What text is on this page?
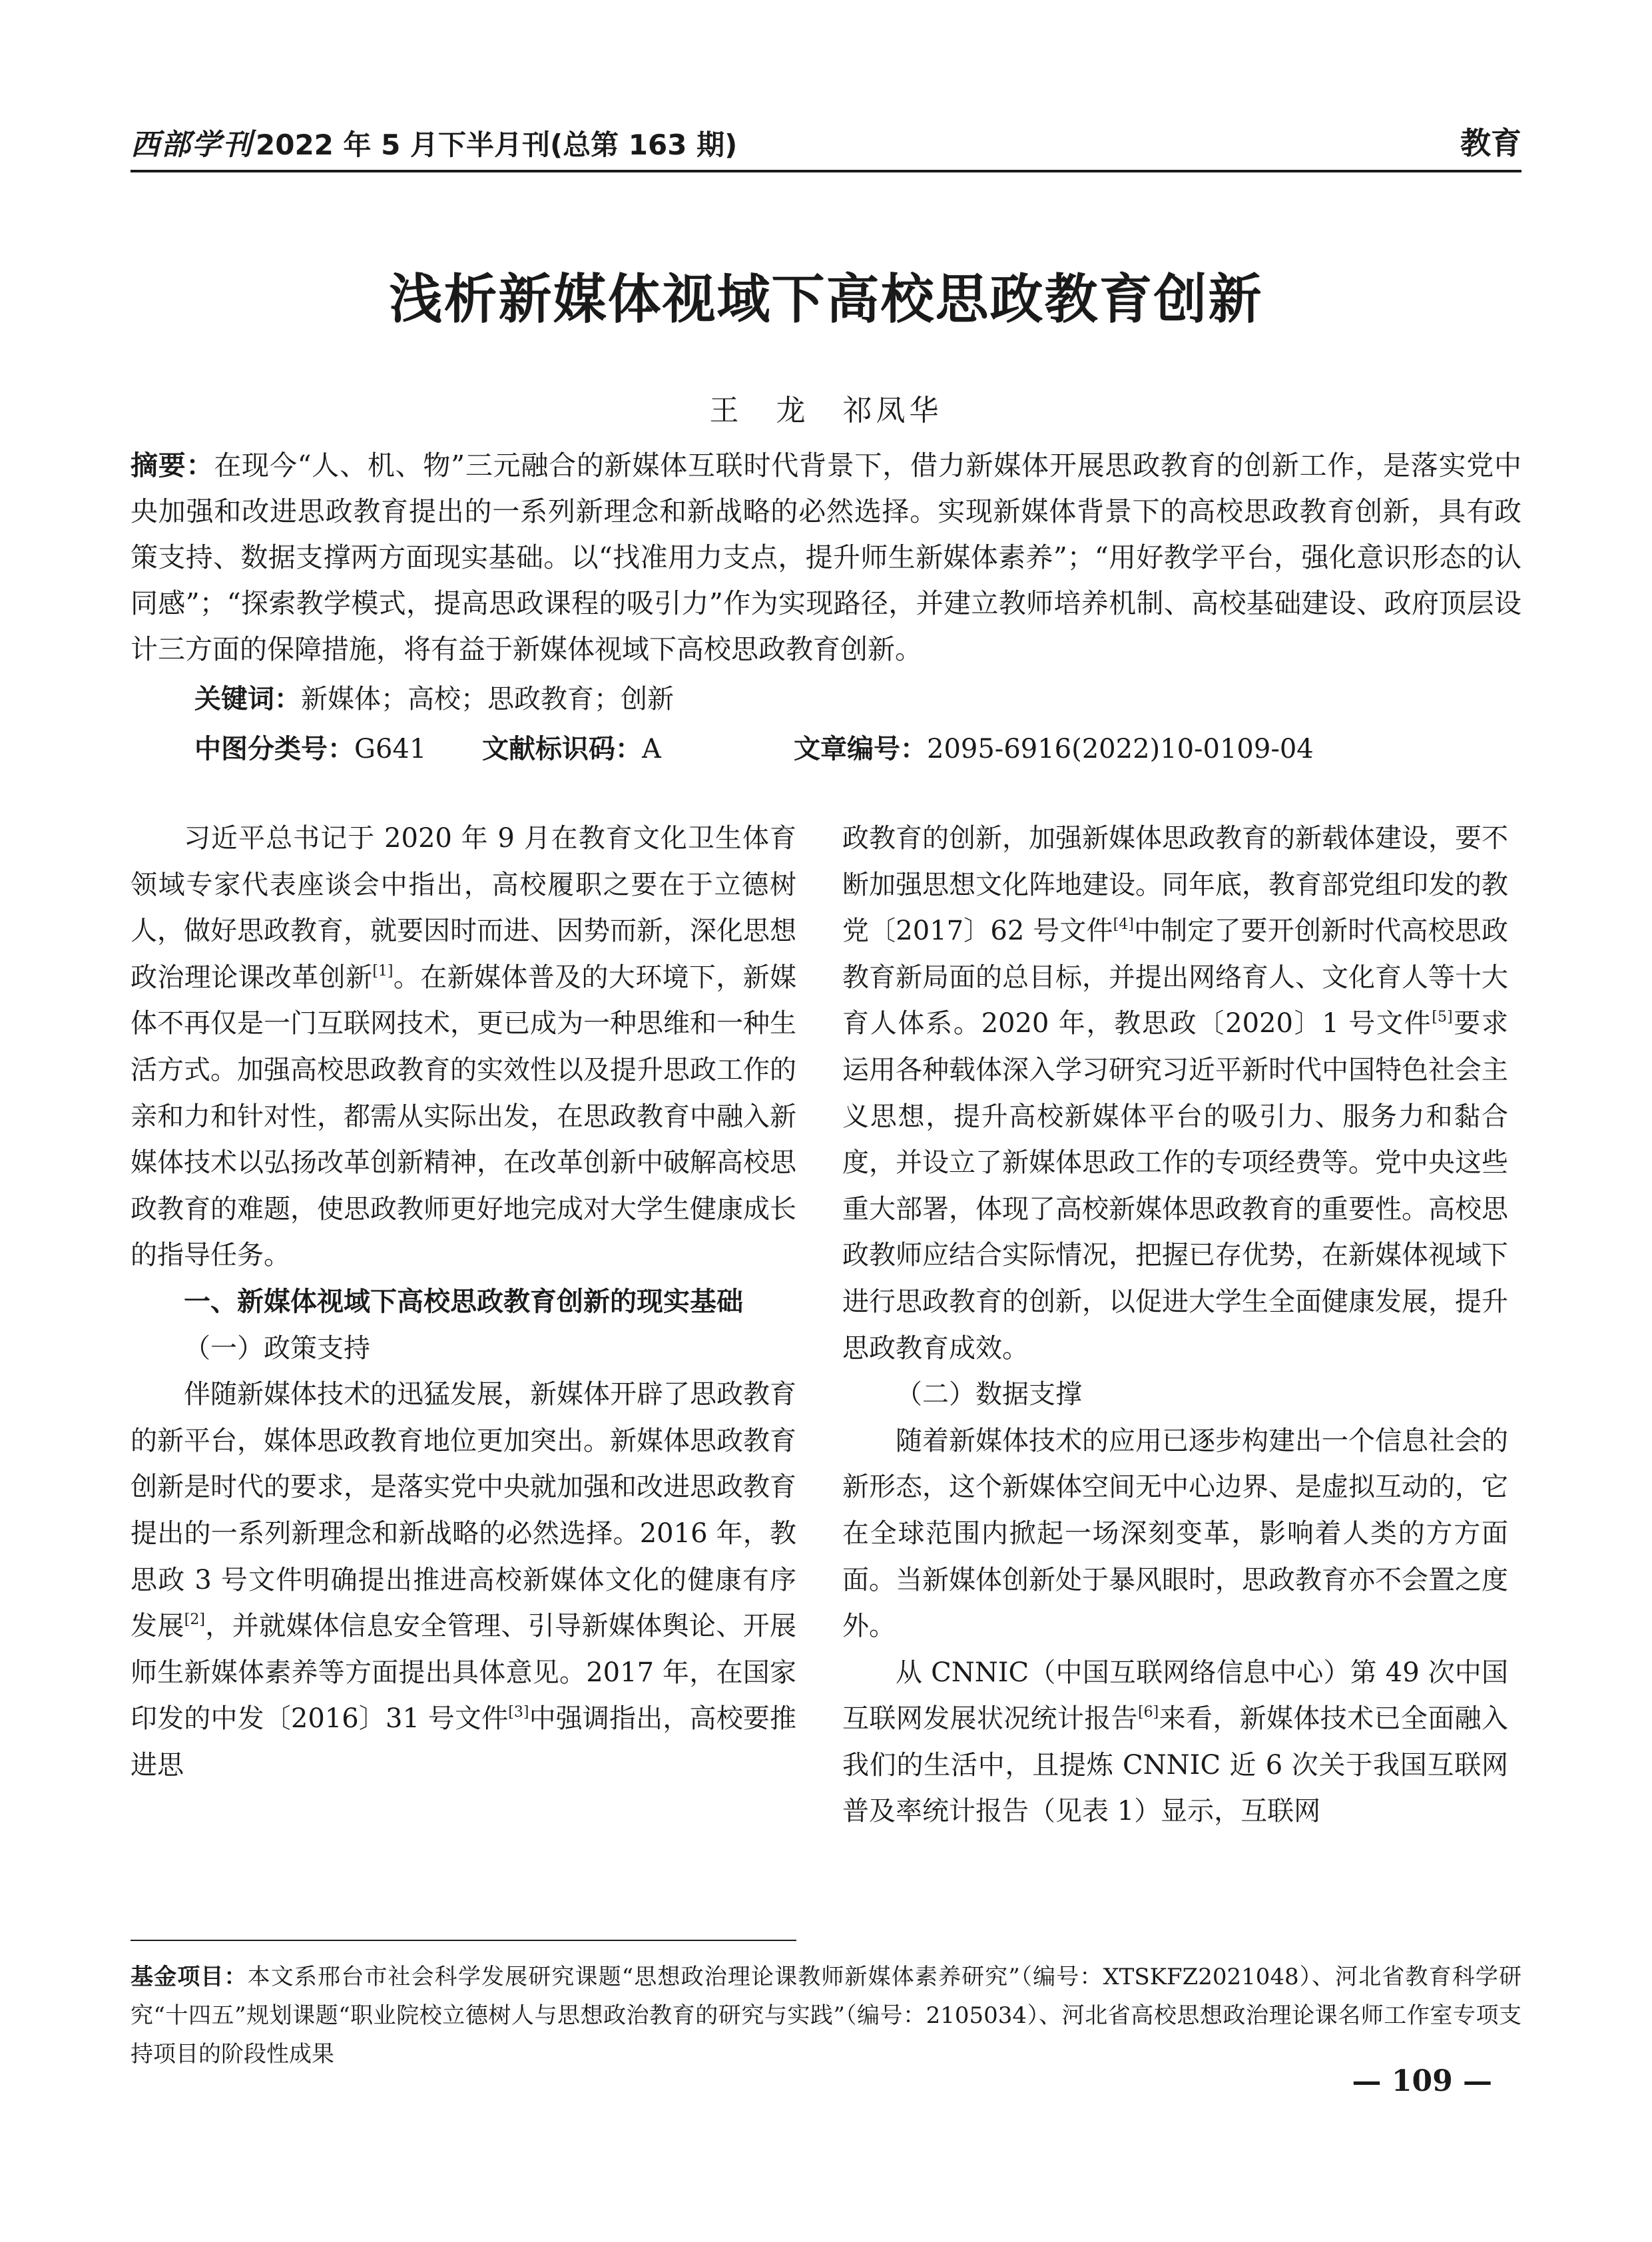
西部学刊 2022 年 5 月下半月刊(总第 163 期)	教育
浅析新媒体视域下高校思政教育创新
王　龙　祁凤华

摘要：在现今“人、机、物”三元融合的新媒体互联时代背景下，借力新媒体开展思政教育的创新工作，是落实党中央加强和改进思政教育提出的一系列新理念和新战略的必然选择。实现新媒体背景下的高校思政教育创新，具有政策支持、数据支撑两方面现实基础。以“找准用力支点，提升师生新媒体素养”；“用好教学平台，强化意识形态的认同感”；“探索教学模式，提高思政课程的吸引力”作为实现路径，并建立教师培养机制、高校基础建设、政府顶层设计三方面的保障措施，将有益于新媒体视域下高校思政教育创新。

关键词：新媒体；高校；思政教育；创新
中图分类号：G641 文献标识码：A	文章编号：2095-6916(2022)10-0109-04

习近平总书记于 2020 年 9 月在教育文化卫生体育领域专家代表座谈会中指出，高校履职之要在于立德树人，做好思政教育，就要因时而进、因势而新，深化思想政治理论课改革创新[1]。在新媒体普及的大环境下，新媒体不再仅是一门互联网技术，更已成为一种思维和一种生活方式。加强高校思政教育的实效性以及提升思政工作的亲和力和针对性，都需从实际出发，在思政教育中融入新媒体技术以弘扬改革创新精神，在改革创新中破解高校思政教育的难题，使思政教师更好地完成对大学生健康成长的指导任务。

一、新媒体视域下高校思政教育创新的现实基础
（一）政策支持

伴随新媒体技术的迅猛发展，新媒体开辟了思政教育的新平台，媒体思政教育地位更加突出。新媒体思政教育创新是时代的要求，是落实党中央就加强和改进思政教育提出的一系列新理念和新战略的必然选择。2016 年，教思政 3 号文件明确提出推进高校新媒体文化的健康有序发展[2]，并就媒体信息安全管理、引导新媒体舆论、开展师生新媒体素养等方面提出具体意见。2017 年，在国家印发的中发〔2016〕31 号文件[3]中强调指出，高校要推进思

政教育的创新，加强新媒体思政教育的新载体建设，要不断加强思想文化阵地建设。同年底，教育部党组印发的教党〔2017〕62 号文件[4]中制定了要开创新时代高校思政教育新局面的总目标，并提出网络育人、文化育人等十大育人体系。2020 年，教思政〔2020〕1 号文件[5]要求运用各种载体深入学习研究习近平新时代中国特色社会主义思想，提升高校新媒体平台的吸引力、服务力和黏合度，并设立了新媒体思政工作的专项经费等。党中央这些重大部署，体现了高校新媒体思政教育的重要性。高校思政教师应结合实际情况，把握已存优势，在新媒体视域下进行思政教育的创新，以促进大学生全面健康发展，提升思政教育成效。

（二）数据支撑

随着新媒体技术的应用已逐步构建出一个信息社会的新形态，这个新媒体空间无中心边界、是虚拟互动的，它在全球范围内掀起一场深刻变革，影响着人类的方方面面。当新媒体创新处于暴风眼时，思政教育亦不会置之度外。

从 CNNIC（中国互联网络信息中心）第 49 次中国互联网发展状况统计报告[6]来看，新媒体技术已全面融入我们的生活中，且提炼 CNNIC 近 6 次关于我国互联网普及率统计报告（见表 1）显示，互联网

基金项目：本文系邢台市社会科学发展研究课题“思想政治理论课教师新媒体素养研究”（编号：XTSKFZ2021048）、河北省教育科学研究“十四五”规划课题“职业院校立德树人与思想政治教育的研究与实践”（编号：2105034）、河北省高校思想政治理论课名师工作室专项支持项目的阶段性成果
— 109 —
